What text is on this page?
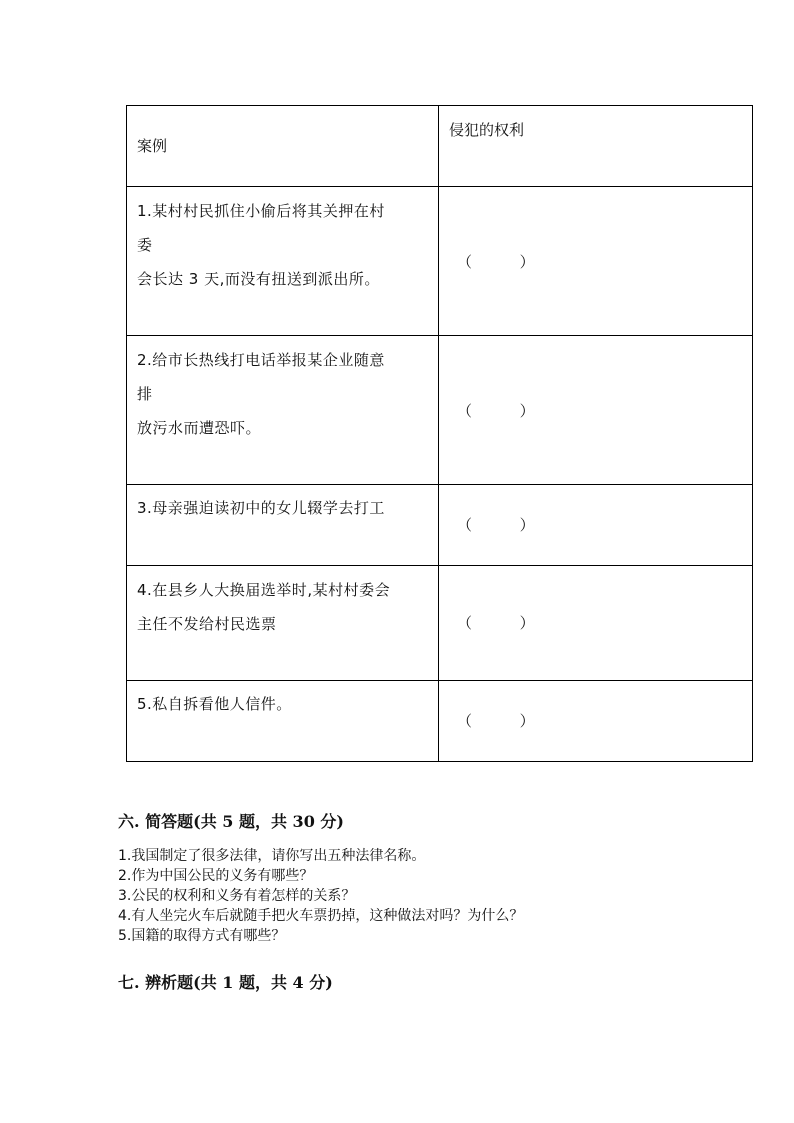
案例	侵犯的权利

1.某村村民抓住小偷后将其关押在村
委
会长达 3 天,而没有扭送到派出所。	（          ）

2.给市长热线打电话举报某企业随意
排
放污水而遭恐吓。	（          ）

3.母亲强迫读初中的女儿辍学去打工	（          ）

4.在县乡人大换届选举时,某村村委会
主任不发给村民选票	（          ）

5.私自拆看他人信件。	（          ）
六. 简答题(共 5 题，共 30 分)
1.我国制定了很多法律，请你写出五种法律名称。
2.作为中国公民的义务有哪些？
3.公民的权利和义务有着怎样的关系？
4.有人坐完火车后就随手把火车票扔掉，这种做法对吗？为什么？
5.国籍的取得方式有哪些？
七. 辨析题(共 1 题，共 4 分)
